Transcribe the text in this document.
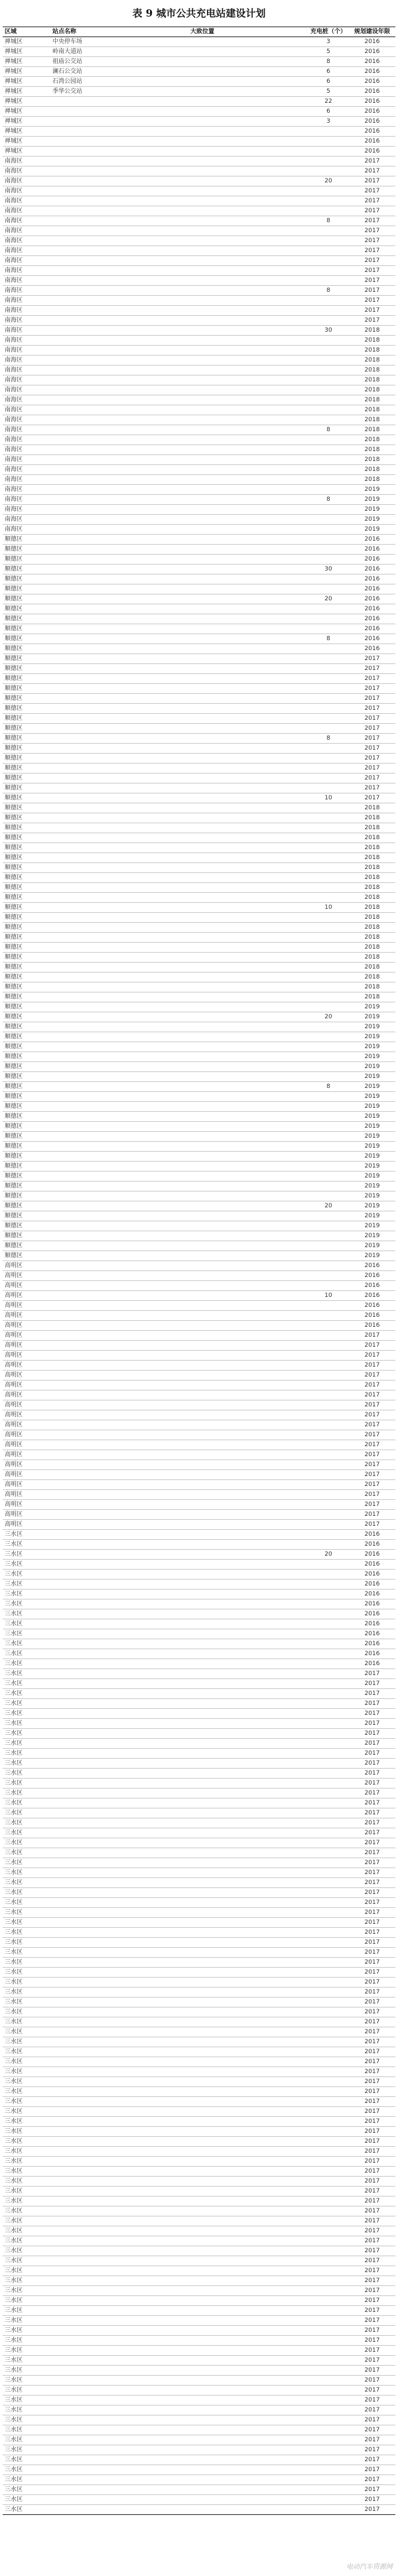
表 9 城市公共充电站建设计划
区域	站点名称	大致位置	充电桩（个）	规划建设年限
禅城区	中央停车场		3	2016
禅城区	岭南大道站		5	2016
禅城区	祖庙公交站		8	2016
禅城区	澜石公交站		6	2016
禅城区	石湾公园站		6	2016
禅城区	季华公交站		5	2016
禅城区			22	2016
禅城区			6	2016
禅城区			3	2016
禅城区				2016
禅城区				2016
禅城区				2016
南海区				2017
南海区				2017
南海区			20	2017
南海区				2017
南海区				2017
南海区				2017
南海区			8	2017
南海区				2017
南海区				2017
南海区				2017
南海区				2017
南海区				2017
南海区				2017
南海区			8	2017
南海区				2017
南海区				2017
南海区				2017
南海区			30	2018
南海区				2018
南海区				2018
南海区				2018
南海区				2018
南海区				2018
南海区				2018
南海区				2018
南海区				2018
南海区				2018
南海区			8	2018
南海区				2018
南海区				2018
南海区				2018
南海区				2018
南海区				2018
南海区				2019
南海区			8	2019
南海区				2019
南海区				2019
南海区				2019
顺德区				2016
顺德区				2016
顺德区				2016
顺德区			30	2016
顺德区				2016
顺德区				2016
顺德区			20	2016
顺德区				2016
顺德区				2016
顺德区				2016
顺德区			8	2016
顺德区				2016
顺德区				2017
顺德区				2017
顺德区				2017
顺德区				2017
顺德区				2017
顺德区				2017
顺德区				2017
顺德区				2017
顺德区			8	2017
顺德区				2017
顺德区				2017
顺德区				2017
顺德区				2017
顺德区				2017
顺德区			10	2017
顺德区				2018
顺德区				2018
顺德区				2018
顺德区				2018
顺德区				2018
顺德区				2018
顺德区				2018
顺德区				2018
顺德区				2018
顺德区				2018
顺德区			10	2018
顺德区				2018
顺德区				2018
顺德区				2018
顺德区				2018
顺德区				2018
顺德区				2018
顺德区				2018
顺德区				2018
顺德区				2018
顺德区				2019
顺德区			20	2019
顺德区				2019
顺德区				2019
顺德区				2019
顺德区				2019
顺德区				2019
顺德区				2019
顺德区			8	2019
顺德区				2019
顺德区				2019
顺德区				2019
顺德区				2019
顺德区				2019
顺德区				2019
顺德区				2019
顺德区				2019
顺德区				2019
顺德区				2019
顺德区				2019
顺德区			20	2019
顺德区				2019
顺德区				2019
顺德区				2019
顺德区				2019
顺德区				2019
高明区				2016
高明区				2016
高明区				2016
高明区			10	2016
高明区				2016
高明区				2016
高明区				2016
高明区				2017
高明区				2017
高明区				2017
高明区				2017
高明区				2017
高明区				2017
高明区				2017
高明区				2017
高明区				2017
高明区				2017
高明区				2017
高明区				2017
高明区				2017
高明区				2017
高明区				2017
高明区				2017
高明区				2017
高明区				2017
高明区				2017
高明区				2017
三水区				2016
三水区				2016
三水区			20	2016
三水区				2016
三水区				2016
三水区				2016
三水区				2016
三水区				2016
三水区				2016
三水区				2016
三水区				2016
三水区				2016
三水区				2016
三水区				2016
三水区				2017
三水区				2017
三水区				2017
三水区				2017
三水区				2017
三水区				2017
三水区				2017
三水区				2017
三水区				2017
三水区				2017
三水区				2017
三水区				2017
三水区				2017
三水区				2017
三水区				2017
三水区				2017
三水区				2017
三水区				2017
三水区				2017
三水区				2017
三水区				2017
三水区				2017
三水区				2017
三水区				2017
三水区				2017
三水区				2017
三水区				2017
三水区				2017
三水区				2017
三水区				2017
三水区				2017
三水区				2017
三水区				2017
三水区				2017
三水区				2017
三水区				2017
三水区				2017
三水区				2017
三水区				2017
三水区				2017
三水区				2017
三水区				2017
三水区				2017
三水区				2017
三水区				2017
三水区				2017
三水区				2017
三水区				2017
三水区				2017
三水区				2017
三水区				2017
三水区				2017
三水区				2017
三水区				2017
三水区				2017
三水区				2017
三水区				2017
三水区				2017
三水区				2017
三水区				2017
三水区				2017
三水区				2017
三水区				2017
三水区				2017
三水区				2017
三水区				2017
三水区				2017
三水区				2017
三水区				2017
三水区				2017
三水区				2017
三水区				2017
三水区				2017
三水区				2017
三水区				2017
三水区				2017
三水区				2017
三水区				2017
三水区				2017
三水区				2017
三水区				2017
三水区				2017
三水区				2017
三水区				2017
三水区				2017
电动汽车资源网
